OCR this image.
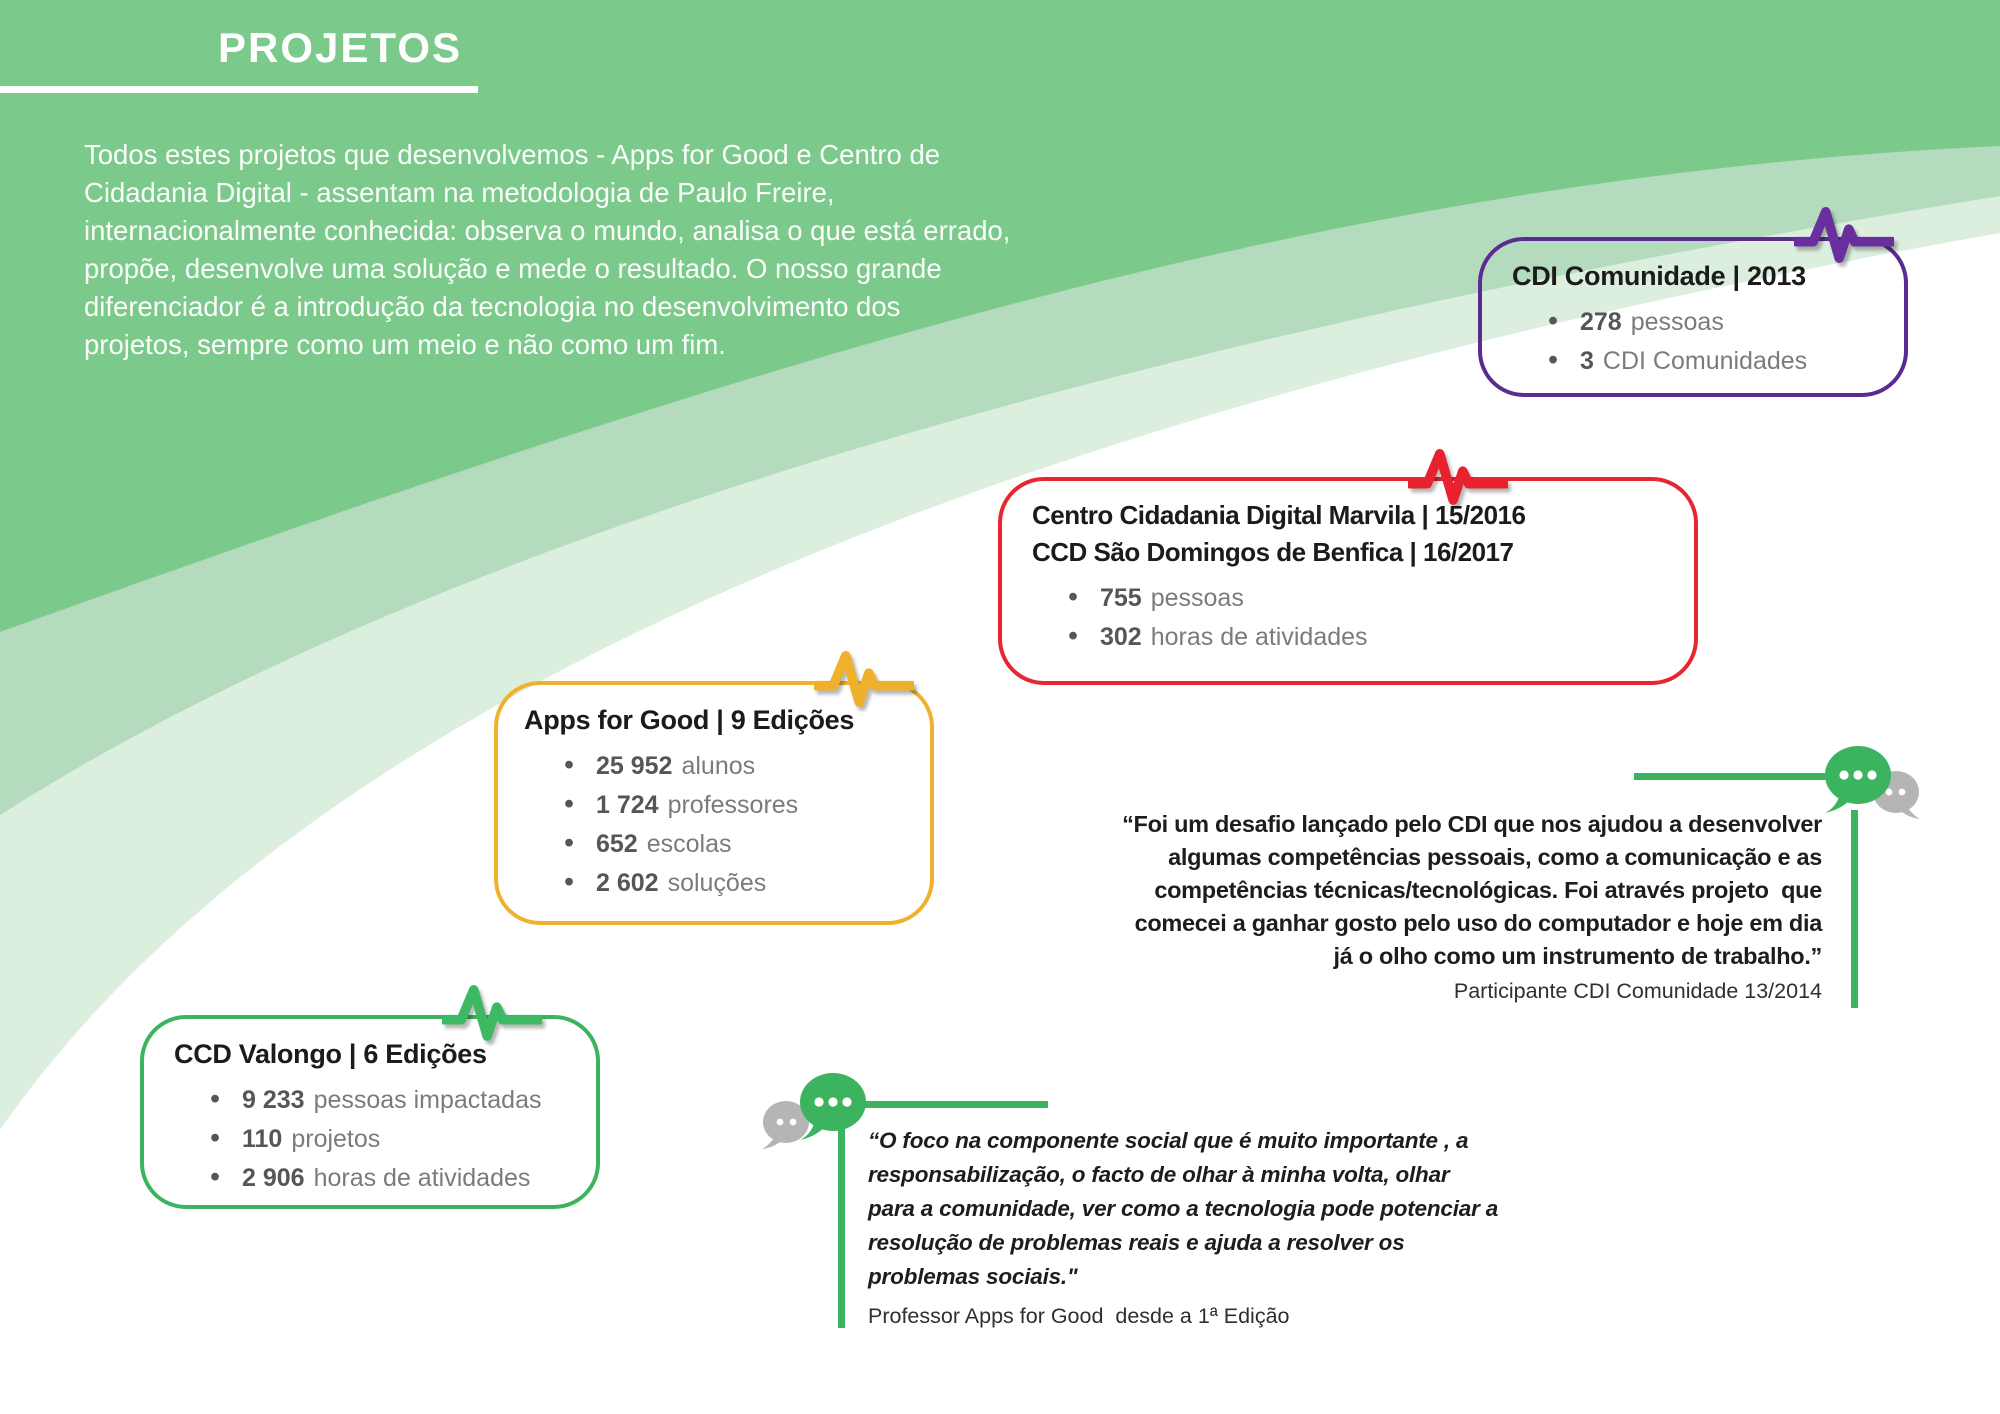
PROJETOS
Todos estes projetos que desenvolvemos - Apps for Good e Centro de
Cidadania Digital - assentam na metodologia de Paulo Freire,
internacionalmente conhecida: observa o mundo, analisa o que está errado,
propõe, desenvolve uma solução e mede o resultado. O nosso grande
diferenciador é a introdução da tecnologia no desenvolvimento dos
projetos, sempre como um meio e não como um fim.
CDI Comunidade | 2013
• 278 pessoas
• 3 CDI Comunidades
Centro Cidadania Digital Marvila | 15/2016
CCD São Domingos de Benfica | 16/2017
• 755 pessoas
• 302 horas de atividades
Apps for Good | 9 Edições
• 25 952 alunos
• 1 724 professores
• 652 escolas
• 2 602 soluções
CCD Valongo | 6 Edições
• 9 233 pessoas impactadas
• 110 projetos
• 2 906 horas de atividades
“Foi um desafio lançado pelo CDI que nos ajudou a desenvolver
algumas competências pessoais, como a comunicação e as
competências técnicas/tecnológicas. Foi através projeto  que
comecei a ganhar gosto pelo uso do computador e hoje em dia
já o olho como um instrumento de trabalho.”
Participante CDI Comunidade 13/2014
“O foco na componente social que é muito importante , a
responsabilização, o facto de olhar à minha volta, olhar
para a comunidade, ver como a tecnologia pode potenciar a
resolução de problemas reais e ajuda a resolver os
problemas sociais."
Professor Apps for Good  desde a 1ª Edição
